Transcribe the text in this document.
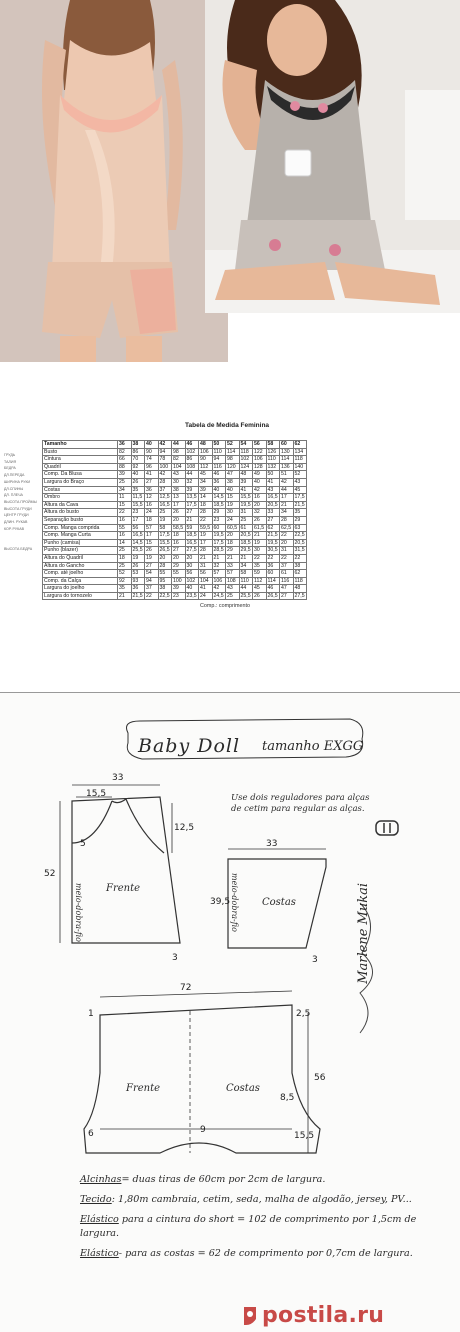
Tabela de Medida Feminina
ГРУДЬ
ТАЛИЯ
БЕДРА
ДЛ.ПЕРЕДА
ШИРИНА РУКИ
ДЛ.СПИНЫ
ДЛ. ПЛЕЧА
ВЫСОТА ПРОЙМЫ
ВЫСОТА ГРУДИ
ЦЕНТР ГРУДИ
ДЛИН. РУКАВ
КОР. РУКАВ

ВЫСОТА БЕДРА
Tamanho	36	38	40	42	44	46	48	50	52	54	56	58	60	62
Busto	82	86	90	94	98	102	106	110	114	118	122	126	130	134
Cintura	66	70	74	78	82	86	90	94	98	102	106	110	114	118
Quadril	88	92	96	100	104	108	112	116	120	124	128	132	136	140
Comp. Da Blusa	39	40	41	42	43	44	45	46	47	48	49	50	51	52
Largura do Braço	25	26	27	28	30	32	34	36	38	39	40	41	42	43
Costas	34	35	36	37	38	39	39	40	40	41	42	43	44	45
Ombro	11	11,5	12	12,5	13	13,5	14	14,5	15	15,5	16	16,5	17	17,5
Altura da Cava	15	15,5	16	16,5	17	17,5	18	18,5	19	19,5	20	20,5	21	21,5
Altura do busto	22	23	24	25	26	27	28	29	30	31	32	33	34	35
Separação busto	16	17	18	19	20	21	22	23	24	25	26	27	28	29
Comp. Manga comprida	55	56	57	58	58,5	59	59,5	60	60,5	61	61,5	62	62,5	63
Comp. Manga Curta	16	16,5	17	17,5	18	18,5	19	19,5	20	20,5	21	21,5	22	22,5
Punho (camisa)	14	14,5	15	15,5	16	16,5	17	17,5	18	18,5	19	19,5	20	20,5
Punho (blazer)	25	25,5	26	26,5	27	27,5	28	28,5	29	29,5	30	30,5	31	31,5
Altura do Quadril	18	19	19	20	20	20	21	21	21	21	22	22	22	22
Altura do Gancho	25	26	27	28	29	30	31	32	33	34	35	36	37	38
Comp. até joelho	52	53	54	55	55	56	56	57	57	58	59	60	61	62
Comp. da Calça	92	93	94	95	100	102	104	106	108	110	112	114	116	118
Largura do joelho	35	36	37	38	39	40	41	42	43	44	45	46	47	48
Largura do tornozelo	21	21,5	22	22,5	23	23,5	24	24,5	25	25,5	26	26,5	27	27,5
Comp.: comprimento
Baby Doll tamanho EXGG
Use dois reguladores para alças de cetim para regular as alças.
33
15,5
5
12,5
52
3
Frente
meio-dobra-fio
33
39,5
3
Costas
meio-dobra-fio
72
2,5
56
8,5
15,5
9
1
6
Frente	Costas
Marlene Mukai

Alcinhas= duas tiras de 60cm por 2cm de largura.

Tecido: 1,80m cambraia, cetim, seda, malha de algodão, jersey, PV...

Elástico para a cintura do short = 102 de comprimento por 1,5cm de largura.

Elástico- para as costas = 62 de comprimento por 0,7cm de largura.

postila.ru
